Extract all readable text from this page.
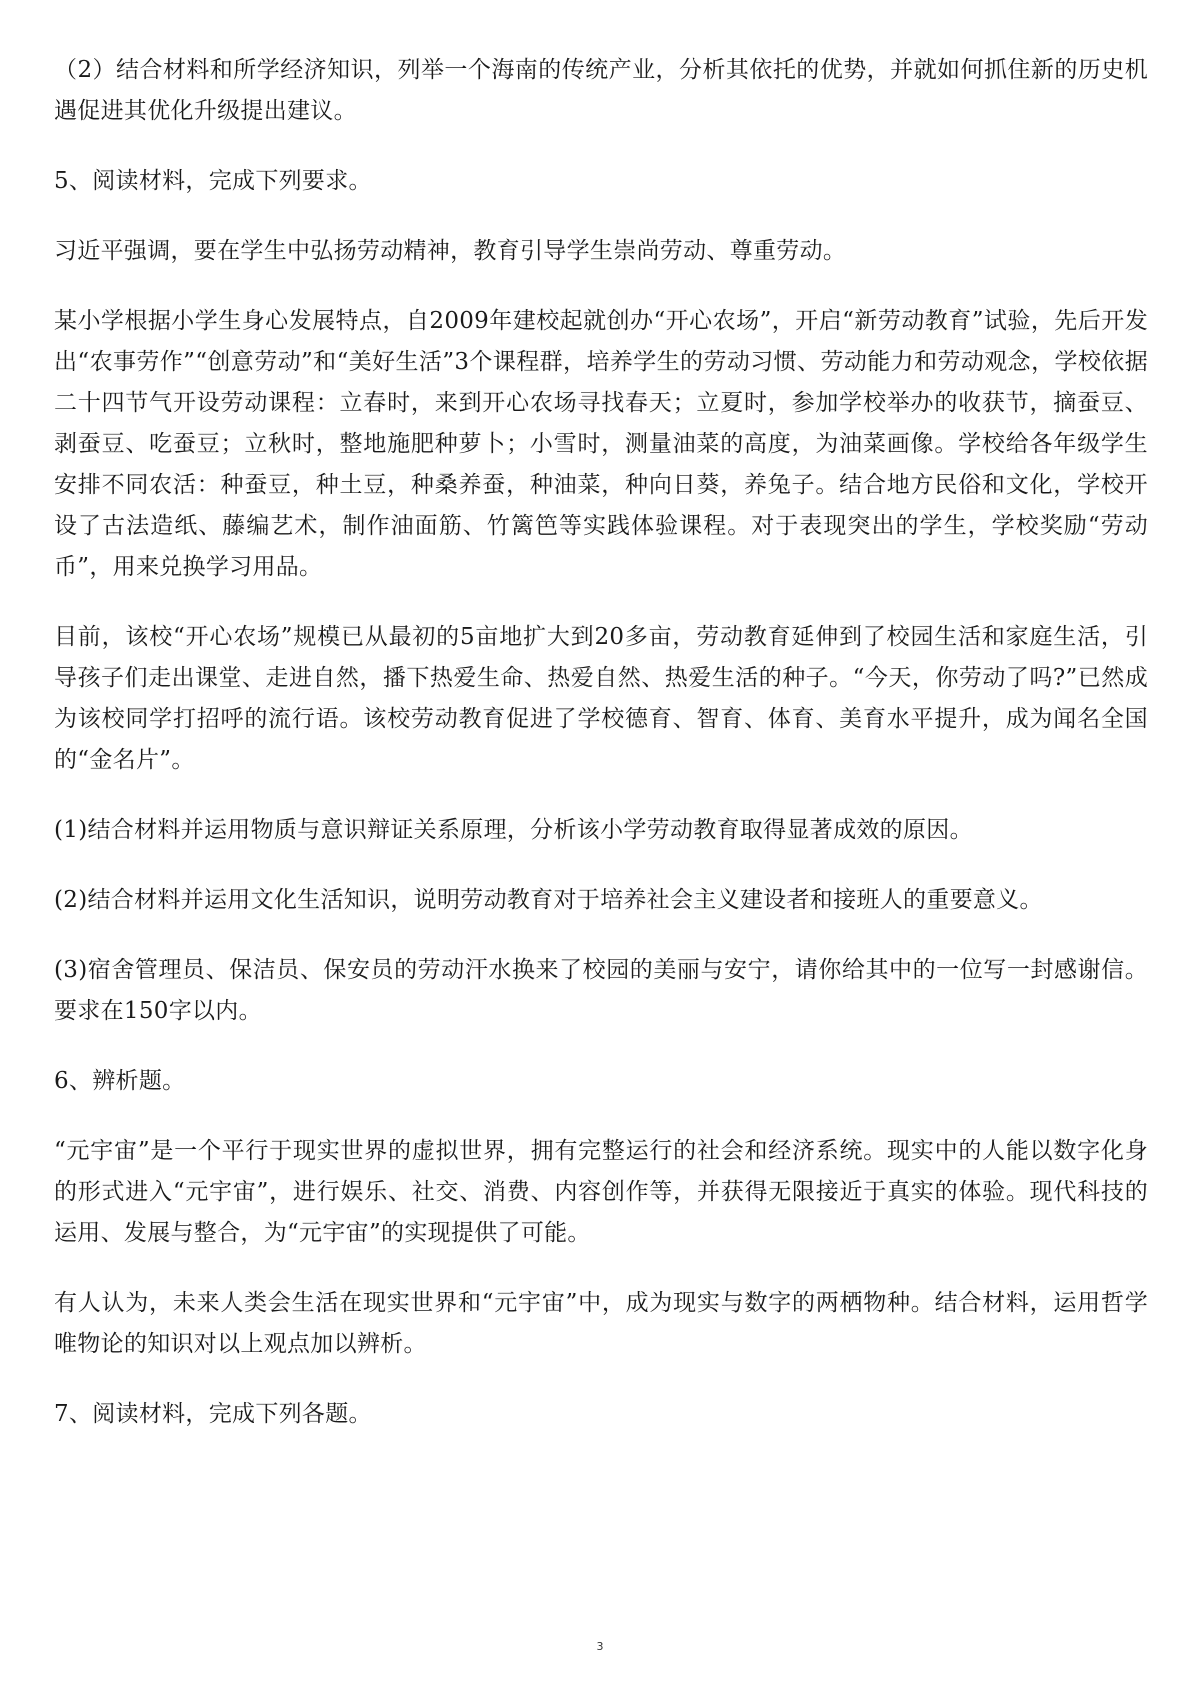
（2）结合材料和所学经济知识，列举一个海南的传统产业，分析其依托的优势，并就如何抓住新的历史机遇促进其优化升级提出建议。

5、阅读材料，完成下列要求。

习近平强调，要在学生中弘扬劳动精神，教育引导学生崇尚劳动、尊重劳动。

某小学根据小学生身心发展特点，自2009年建校起就创办“开心农场”，开启“新劳动教育”试验，先后开发出“农事劳作”“创意劳动”和“美好生活”3个课程群，培养学生的劳动习惯、劳动能力和劳动观念，学校依据二十四节气开设劳动课程：立春时，来到开心农场寻找春天；立夏时，参加学校举办的收获节，摘蚕豆、剥蚕豆、吃蚕豆；立秋时，整地施肥种萝卜；小雪时，测量油菜的高度，为油菜画像。学校给各年级学生安排不同农活：种蚕豆，种土豆，种桑养蚕，种油菜，种向日葵，养兔子。结合地方民俗和文化，学校开设了古法造纸、藤编艺术，制作油面筋、竹篱笆等实践体验课程。对于表现突出的学生，学校奖励“劳动币”，用来兑换学习用品。

目前，该校“开心农场”规模已从最初的5亩地扩大到20多亩，劳动教育延伸到了校园生活和家庭生活，引导孩子们走出课堂、走进自然，播下热爱生命、热爱自然、热爱生活的种子。“今天，你劳动了吗?”已然成为该校同学打招呼的流行语。该校劳动教育促进了学校德育、智育、体育、美育水平提升，成为闻名全国的“金名片”。

(1)结合材料并运用物质与意识辩证关系原理，分析该小学劳动教育取得显著成效的原因。

(2)结合材料并运用文化生活知识，说明劳动教育对于培养社会主义建设者和接班人的重要意义。

(3)宿舍管理员、保洁员、保安员的劳动汗水换来了校园的美丽与安宁，请你给其中的一位写一封感谢信。要求在150字以内。

6、辨析题。

“元宇宙”是一个平行于现实世界的虚拟世界，拥有完整运行的社会和经济系统。现实中的人能以数字化身的形式进入“元宇宙”，进行娱乐、社交、消费、内容创作等，并获得无限接近于真实的体验。现代科技的运用、发展与整合，为“元宇宙”的实现提供了可能。

有人认为，未来人类会生活在现实世界和“元宇宙”中，成为现实与数字的两栖物种。结合材料，运用哲学唯物论的知识对以上观点加以辨析。

7、阅读材料，完成下列各题。

3
